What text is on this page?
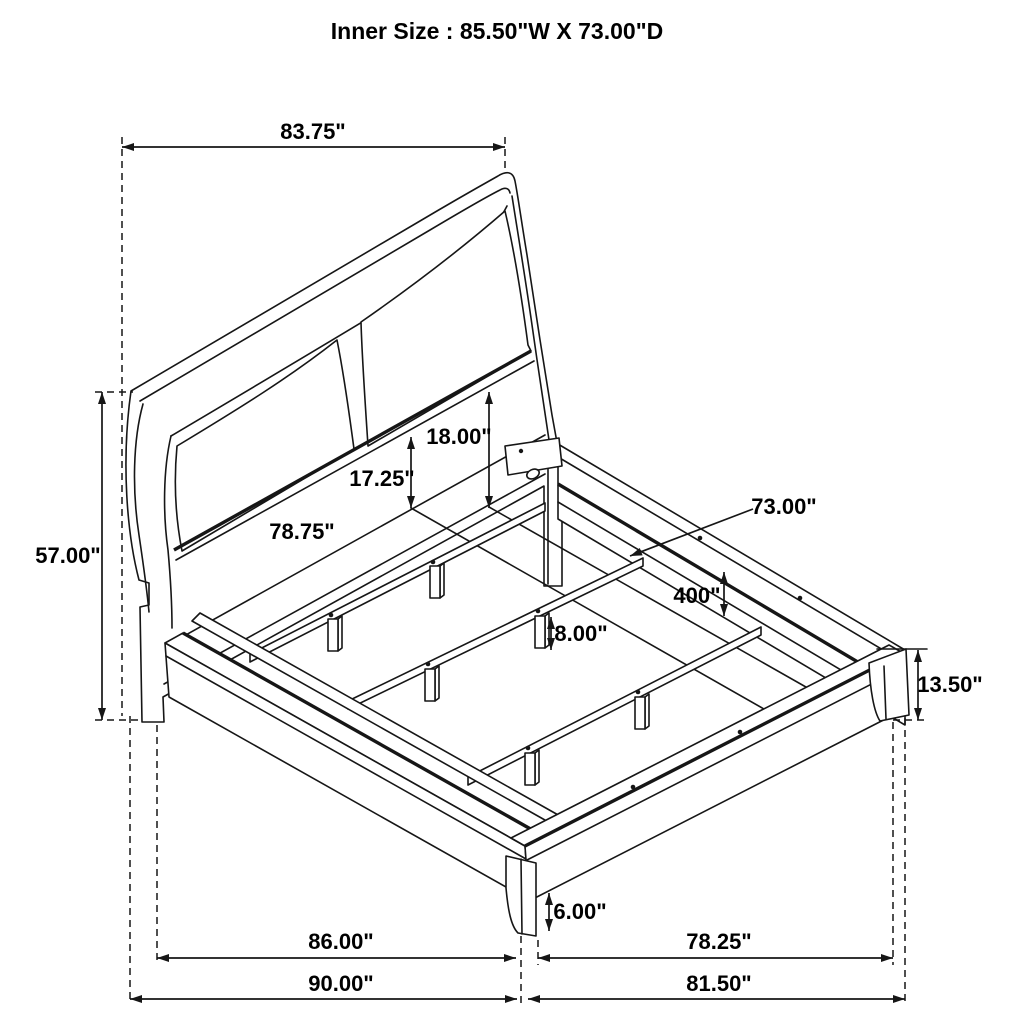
83.75"
57.00"
18.00"
17.25"
78.75"
73.00"
400"
8.00"
13.50"
6.00"
86.00"
90.00"
78.25"
81.50"
Inner Size : 85.50"W X 73.00"D
